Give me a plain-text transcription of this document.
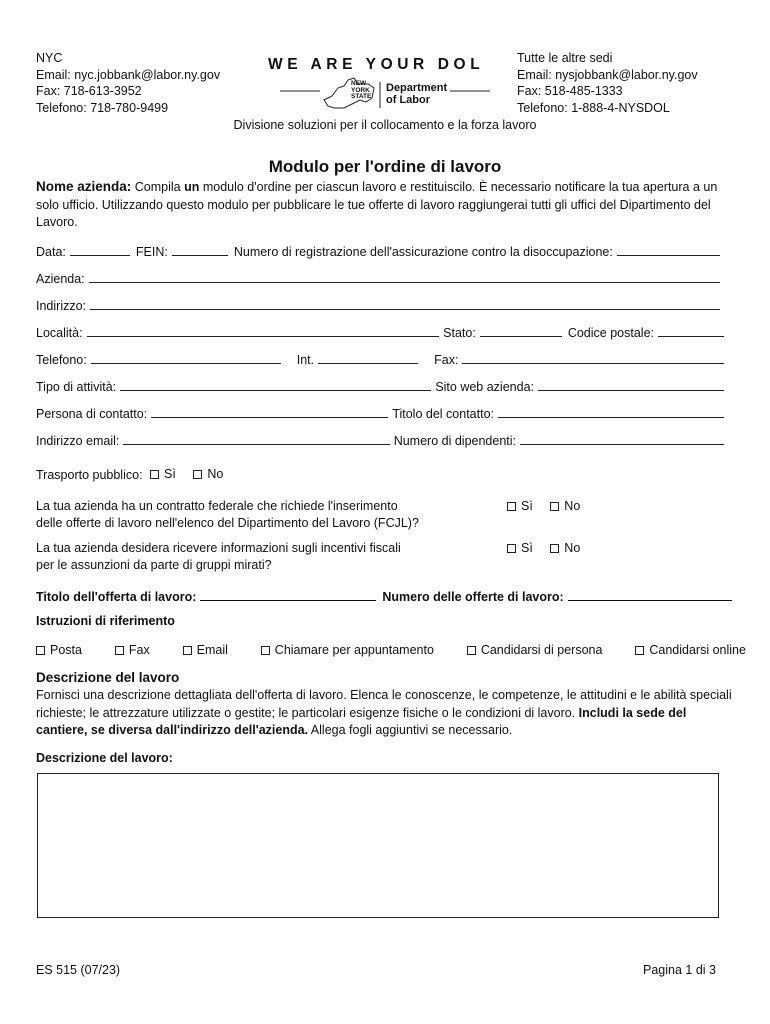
NYC
Email: nyc.jobbank@labor.ny.gov
Fax: 718-613-3952
Telefono: 718-780-9499
WE ARE YOUR DOL
NEW
YORK
STATE
Department
of Labor
Tutte le altre sedi
Email: nysjobbank@labor.ny.gov
Fax: 518-485-1333
Telefono: 1-888-4-NYSDOL
Divisione soluzioni per il collocamento e la forza lavoro
Modulo per l'ordine di lavoro
Nome azienda: Compila un modulo d'ordine per ciascun lavoro e restituiscilo. È necessario notificare la tua apertura a un solo ufficio. Utilizzando questo modulo per pubblicare le tue offerte di lavoro raggiungerai tutti gli uffici del Dipartimento del Lavoro.
Data:	FEIN:	Numero di registrazione dell'assicurazione contro la disoccupazione:
Azienda:
Indirizzo:
Località:	Stato:	Codice postale:
Telefono:	Int.	Fax:
Tipo di attività:	Sito web azienda:
Persona di contatto:	Titolo del contatto:
Indirizzo email:	Numero di dipendenti:
Trasporto pubblico: Sì
	No
La tua azienda ha un contratto federale che richiede l'inserimento
delle offerte di lavoro nell'elenco del Dipartimento del Lavoro (FCJL)?
Sì
	No
La tua azienda desidera ricevere informazioni sugli incentivi fiscali
per le assunzioni da parte di gruppi mirati?
Sì
	No
Titolo dell'offerta di lavoro:	Numero delle offerte di lavoro:
Istruzioni di riferimento
Posta	Fax	Email	Chiamare per appuntamento	Candidarsi di persona	Candidarsi online
Descrizione del lavoro
Fornisci una descrizione dettagliata dell'offerta di lavoro. Elenca le conoscenze, le competenze, le attitudini e le abilità speciali richieste; le attrezzature utilizzate o gestite; le particolari esigenze fisiche o le condizioni di lavoro. Includi la sede del cantiere, se diversa dall'indirizzo dell'azienda. Allega fogli aggiuntivi se necessario.
Descrizione del lavoro:
ES 515 (07/23)	Pagina 1 di 3
